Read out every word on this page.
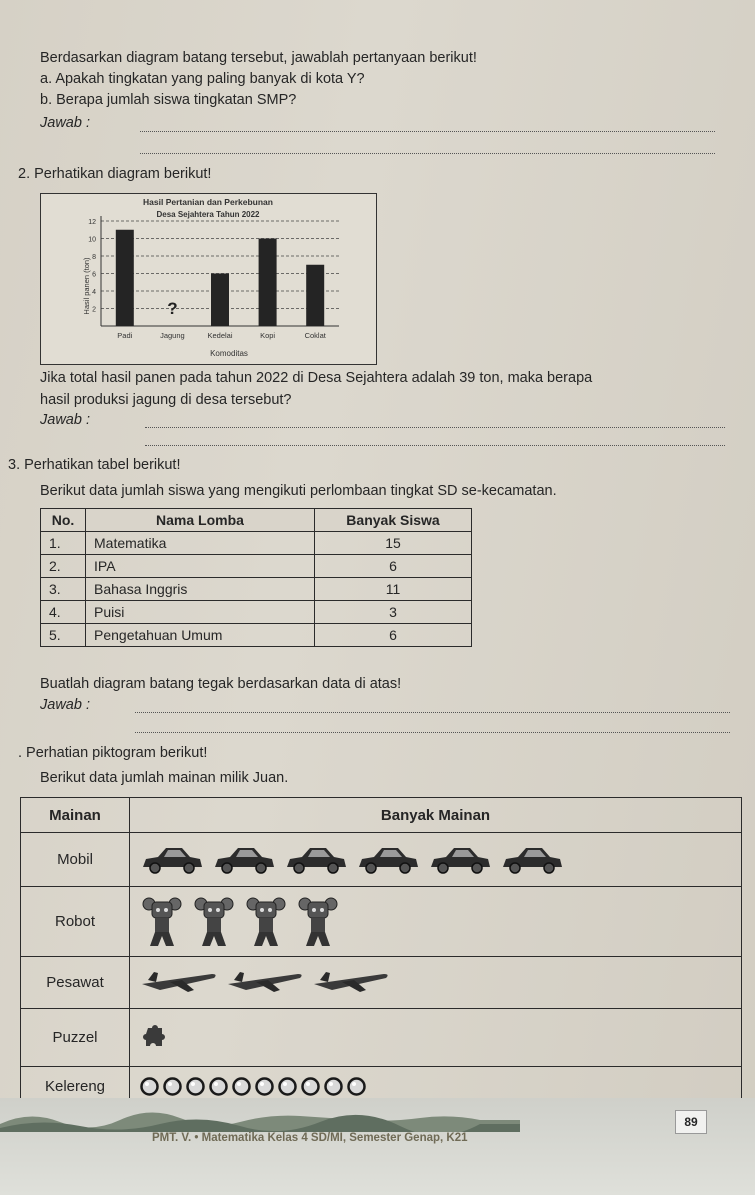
Berdasarkan diagram batang tersebut, jawablah pertanyaan berikut!
a. Apakah tingkatan yang paling banyak di kota Y?
b. Berapa jumlah siswa tingkatan SMP?
Jawab :
2. Perhatikan diagram berikut!
Hasil Pertanian dan Perkebunan
Desa Sejahtera Tahun 2022
Hasil panen (ton)
Komoditas
?
Padi	Jagung	Kedelai	Kopi	Coklat
2
4
6
8
10
12
Jika total hasil panen pada tahun 2022 di Desa Sejahtera adalah 39 ton, maka berapa
hasil produksi jagung di desa tersebut?
Jawab :
3. Perhatikan tabel berikut!
Berikut data jumlah siswa yang mengikuti perlombaan tingkat SD se-kecamatan.
No.	Nama Lomba	Banyak Siswa
1.	Matematika	15
2.	IPA	6
3.	Bahasa Inggris	11
4.	Puisi	3
5.	Pengetahuan Umum	6
Buatlah diagram batang tegak berdasarkan data di atas!
Jawab :
. Perhatian piktogram berikut!
Berikut data jumlah mainan milik Juan.
Mainan	Banyak Mainan
Mobil	

Robot	

Pesawat	

Puzzel	

Kelereng	
PMT. V. • Matematika Kelas 4 SD/MI, Semester Genap, K21
89
